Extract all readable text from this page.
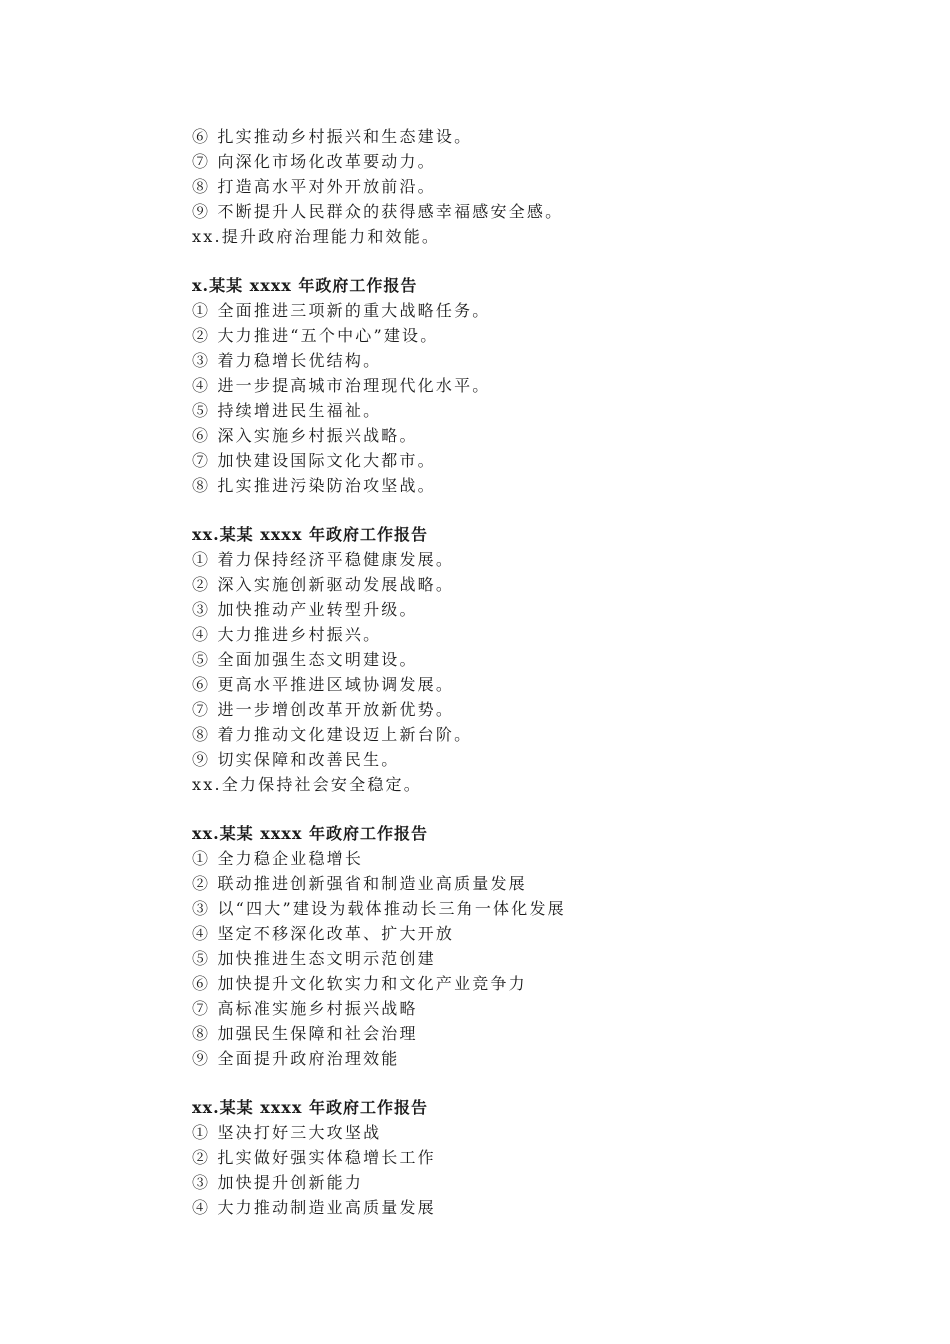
⑥ 扎实推动乡村振兴和生态建设。
⑦ 向深化市场化改革要动力。
⑧ 打造高水平对外开放前沿。
⑨ 不断提升人民群众的获得感幸福感安全感。
xx.提升政府治理能力和效能。
x.某某 xxxx 年政府工作报告
① 全面推进三项新的重大战略任务。
② 大力推进“五个中心”建设。
③ 着力稳增长优结构。
④ 进一步提高城市治理现代化水平。
⑤ 持续增进民生福祉。
⑥ 深入实施乡村振兴战略。
⑦ 加快建设国际文化大都市。
⑧ 扎实推进污染防治攻坚战。
xx.某某 xxxx 年政府工作报告
① 着力保持经济平稳健康发展。
② 深入实施创新驱动发展战略。
③ 加快推动产业转型升级。
④ 大力推进乡村振兴。
⑤ 全面加强生态文明建设。
⑥ 更高水平推进区域协调发展。
⑦ 进一步增创改革开放新优势。
⑧ 着力推动文化建设迈上新台阶。
⑨ 切实保障和改善民生。
xx.全力保持社会安全稳定。
xx.某某 xxxx 年政府工作报告
① 全力稳企业稳增长
② 联动推进创新强省和制造业高质量发展
③ 以“四大”建设为载体推动长三角一体化发展
④ 坚定不移深化改革、扩大开放
⑤ 加快推进生态文明示范创建
⑥ 加快提升文化软实力和文化产业竞争力
⑦ 高标准实施乡村振兴战略
⑧ 加强民生保障和社会治理
⑨ 全面提升政府治理效能
xx.某某 xxxx 年政府工作报告
① 坚决打好三大攻坚战
② 扎实做好强实体稳增长工作
③ 加快提升创新能力
④ 大力推动制造业高质量发展
